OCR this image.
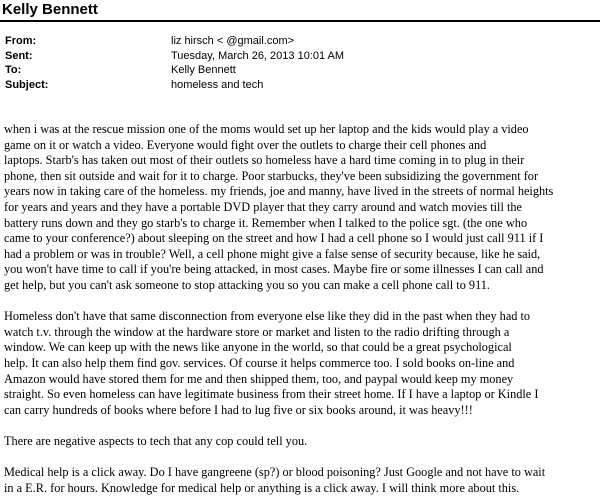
Kelly Bennett
From:	liz hirsch < @gmail.com>
Sent:	Tuesday, March 26, 2013 10:01 AM
To:	Kelly Bennett
Subject:	homeless and tech
when i was at the rescue mission one of the moms would set up her laptop and the kids would play a video
game on it or watch a video. Everyone would fight over the outlets to charge their cell phones and
laptops. Starb's has taken out most of their outlets so homeless have a hard time coming in to plug in their
phone, then sit outside and wait for it to charge. Poor starbucks, they've been subsidizing the government for
years now in taking care of the homeless. my friends, joe and manny, have lived in the streets of normal heights
for years and years and they have a portable DVD player that they carry around and watch movies till the
battery runs down and they go starb's to charge it. Remember when I talked to the police sgt. (the one who
came to your conference?) about sleeping on the street and how I had a cell phone so I would just call 911 if I
had a problem or was in trouble? Well, a cell phone might give a false sense of security because, like he said,
you won't have time to call if you're being attacked, in most cases. Maybe fire or some illnesses I can call and
get help, but you can't ask someone to stop attacking you so you can make a cell phone call to 911.
Homeless don't have that same disconnection from everyone else like they did in the past when they had to
watch t.v. through the window at the hardware store or market and listen to the radio drifting through a
window. We can keep up with the news like anyone in the world, so that could be a great psychological
help. It can also help them find gov. services. Of course it helps commerce too. I sold books on-line and
Amazon would have stored them for me and then shipped them, too, and paypal would keep my money
straight. So even homeless can have legitimate business from their street home. If I have a laptop or Kindle I
can carry hundreds of books where before I had to lug five or six books around, it was heavy!!!
There are negative aspects to tech that any cop could tell you.
Medical help is a click away. Do I have gangreene (sp?) or blood poisoning? Just Google and not have to wait
in a E.R. for hours. Knowledge for medical help or anything is a click away. I will think more about this.
